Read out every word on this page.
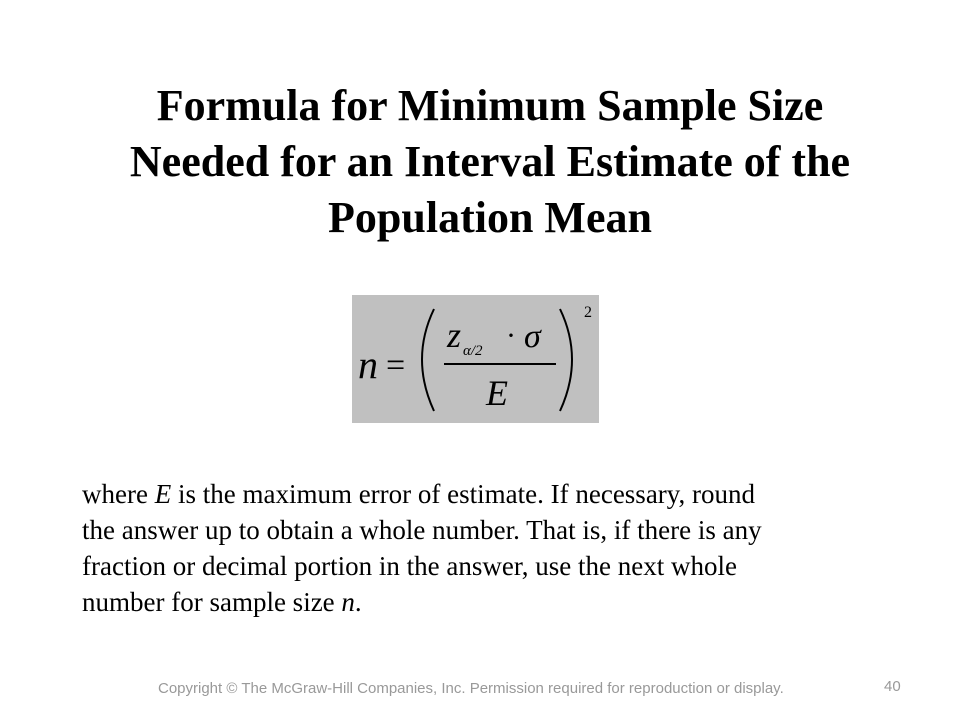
Formula for Minimum Sample Size
Needed for an Interval Estimate of the
Population Mean
n =
z α/2 · σ
E
2
where E is the maximum error of estimate. If necessary, round
the answer up to obtain a whole number. That is, if there is any
fraction or decimal portion in the answer, use the next whole
number for sample size n.
Copyright © The McGraw-Hill Companies, Inc. Permission required for reproduction or display.	40
